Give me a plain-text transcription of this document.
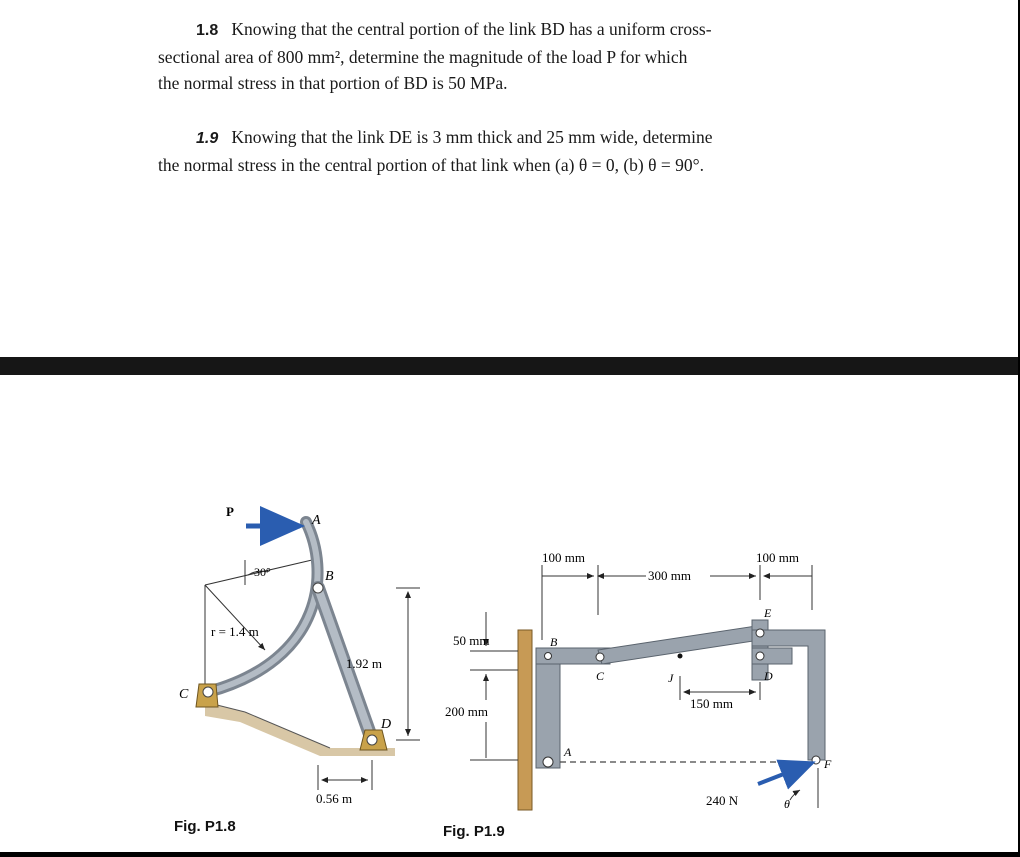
1.8 Knowing that the central portion of the link BD has a uniform cross-
sectional area of 800 mm², determine the magnitude of the load P for which
the normal stress in that portion of BD is 50 MPa.
1.9 Knowing that the link DE is 3 mm thick and 25 mm wide, determine
the normal stress in the central portion of that link when (a) θ = 0, (b) θ = 90°.
P
A
B
C
D
30°
r = 1.4 m
1.92 m
0.56 m
100 mm
300 mm
100 mm
50 mm
200 mm
150 mm
240 N
B
C
E
D
A
F
J
θ
Fig. P1.8	Fig. P1.9
